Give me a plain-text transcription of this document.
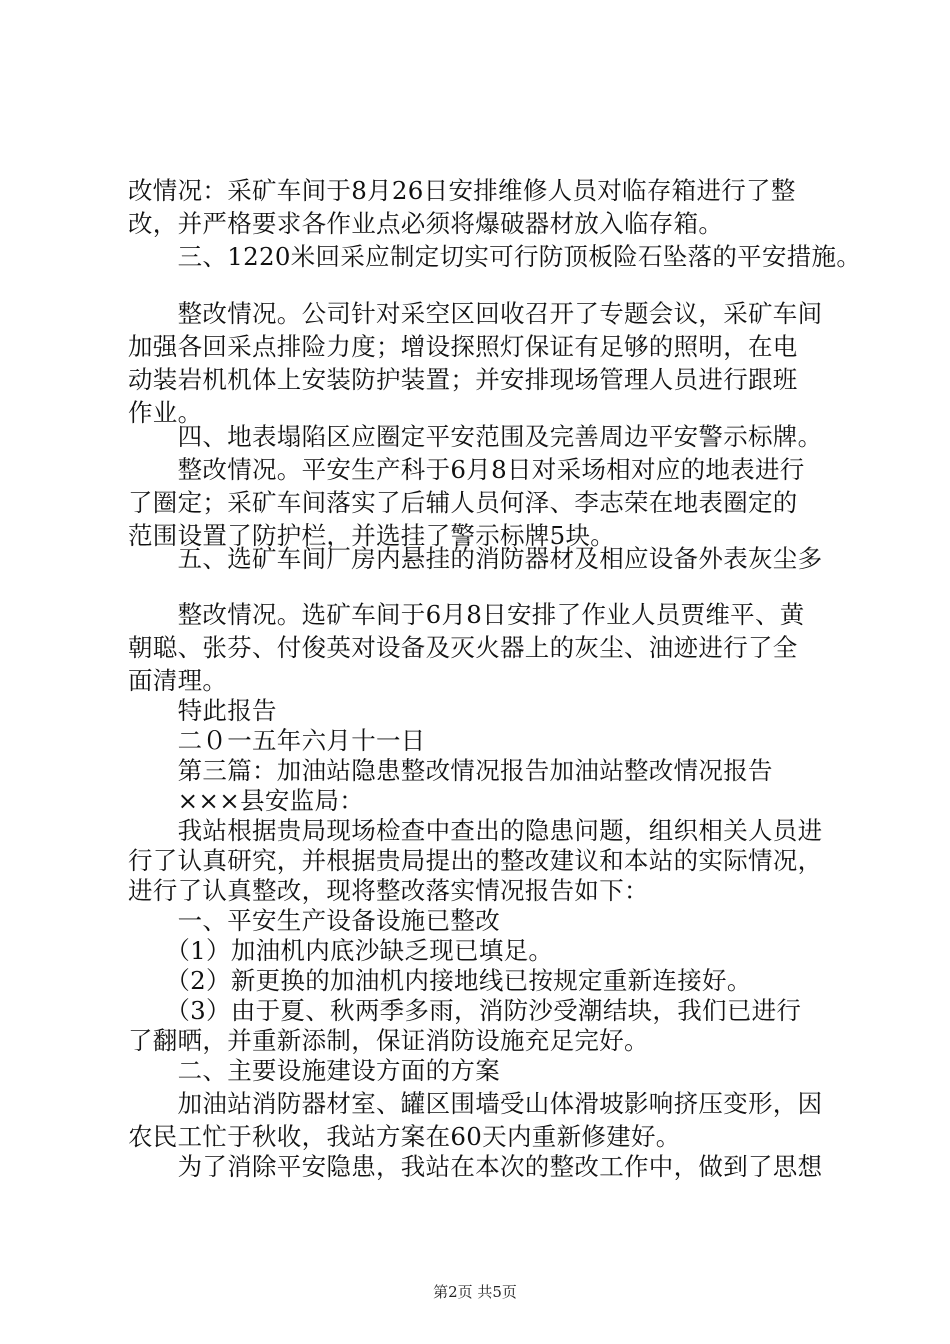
改情况：采矿车间于8月26日安排维修人员对临存箱进行了整
改，并严格要求各作业点必须将爆破器材放入临存箱。
　　三、1220米回采应制定切实可行防顶板险石坠落的平安措施。
　　整改情况。公司针对采空区回收召开了专题会议，采矿车间
加强各回采点排险力度；增设探照灯保证有足够的照明，在电
动装岩机机体上安装防护装置；并安排现场管理人员进行跟班
作业。
　　四、地表塌陷区应圈定平安范围及完善周边平安警示标牌。
　　整改情况。平安生产科于6月8日对采场相对应的地表进行
了圈定；采矿车间落实了后辅人员何泽、李志荣在地表圈定的
范围设置了防护栏，并选挂了警示标牌5块。
　　五、选矿车间厂房内悬挂的消防器材及相应设备外表灰尘多
　　整改情况。选矿车间于6月8日安排了作业人员贾维平、黄
朝聪、张芬、付俊英对设备及灭火器上的灰尘、油迹进行了全
面清理。
　　特此报告
　　二０一五年六月十一日
　　第三篇：加油站隐患整改情况报告加油站整改情况报告
　　×××县安监局：
　　我站根据贵局现场检查中查出的隐患问题，组织相关人员进
行了认真研究，并根据贵局提出的整改建议和本站的实际情况，
进行了认真整改，现将整改落实情况报告如下：
　　一、平安生产设备设施已整改
　　（1）加油机内底沙缺乏现已填足。
　　（2）新更换的加油机内接地线已按规定重新连接好。
　　（3）由于夏、秋两季多雨，消防沙受潮结块，我们已进行
了翻晒，并重新添制，保证消防设施充足完好。
　　二、主要设施建设方面的方案
　　加油站消防器材室、罐区围墙受山体滑坡影响挤压变形，因
农民工忙于秋收，我站方案在60天内重新修建好。
　　为了消除平安隐患，我站在本次的整改工作中，做到了思想
第2页 共5页
